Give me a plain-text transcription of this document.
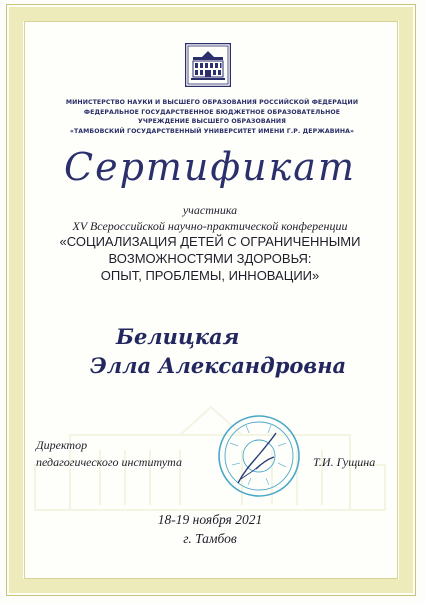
МИНИСТЕРСТВО НАУКИ И ВЫСШЕГО ОБРАЗОВАНИЯ РОССИЙСКОЙ ФЕДЕРАЦИИ
ФЕДЕРАЛЬНОЕ ГОСУДАРСТВЕННОЕ БЮДЖЕТНОЕ ОБРАЗОВАТЕЛЬНОЕ
УЧРЕЖДЕНИЕ ВЫСШЕГО ОБРАЗОВАНИЯ
«ТАМБОВСКИЙ ГОСУДАРСТВЕННЫЙ УНИВЕРСИТЕТ ИМЕНИ Г.Р. ДЕРЖАВИНА»
Сертификат
участника
XV Всероссийской научно-практической конференции
«СОЦИАЛИЗАЦИЯ ДЕТЕЙ С ОГРАНИЧЕННЫМИ
ВОЗМОЖНОСТЯМИ ЗДОРОВЬЯ:
ОПЫТ, ПРОБЛЕМЫ, ИННОВАЦИИ»
Белицкая
Элла Александровна
Директор
педагогического института	Т.И. Гущина
18-19 ноября 2021
г. Тамбов
